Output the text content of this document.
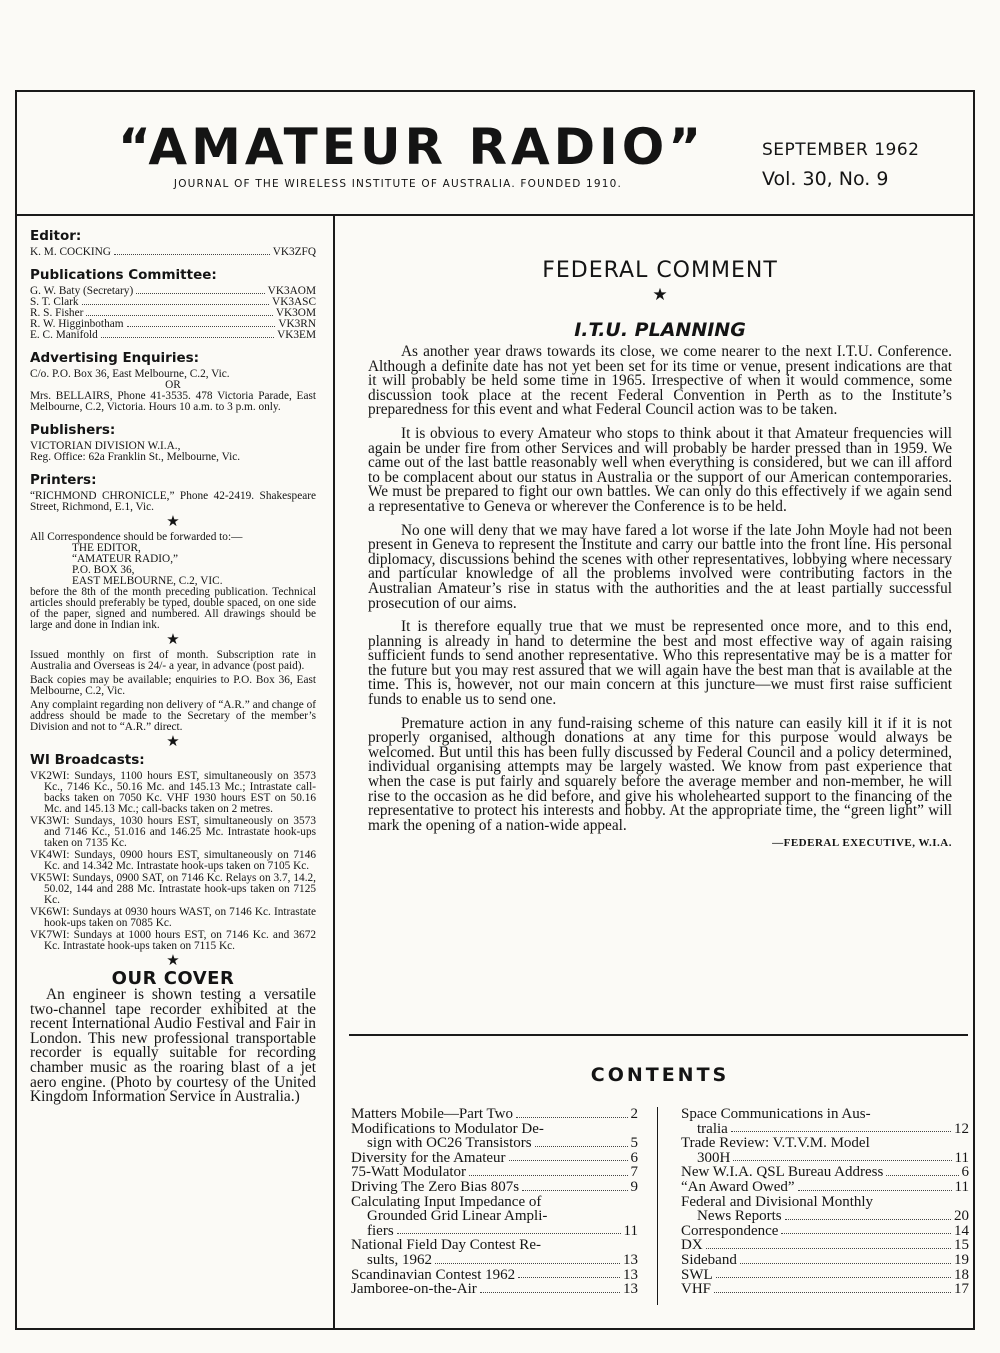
“AMATEUR RADIO”
JOURNAL OF THE WIRELESS INSTITUTE OF AUSTRALIA. FOUNDED 1910.
SEPTEMBER 1962
Vol. 30, No. 9
Editor:
K. M. COCKING	VK3ZFQ
Publications Committee:
G. W. Baty (Secretary)	VK3AOM
S. T. Clark	VK3ASC
R. S. Fisher	VK3OM
R. W. Higginbotham	VK3RN
E. C. Manifold	VK3EM
Advertising Enquiries:

C/o. P.O. Box 36, East Melbourne, C.2, Vic.

OR

Mrs. BELLAIRS, Phone 41-3535. 478 Victoria Parade, East Melbourne, C.2, Victoria. Hours 10 a.m. to 3 p.m. only.

Publishers:

VICTORIAN DIVISION W.I.A.,

Reg. Office: 62a Franklin St., Melbourne, Vic.

Printers:

“RICHMOND CHRONICLE,” Phone 42-2419. Shakespeare Street, Richmond, E.1, Vic.

★

All Correspondence should be forwarded to:—

THE EDITOR,

“AMATEUR RADIO,”

P.O. BOX 36,

EAST MELBOURNE, C.2, VIC.

before the 8th of the month preceding publication. Technical articles should preferably be typed, double spaced, on one side of the paper, signed and numbered. All drawings should be large and done in Indian ink.

★

Issued monthly on first of month. Subscription rate in Australia and Overseas is 24/- a year, in advance (post paid).

Back copies may be available; enquiries to P.O. Box 36, East Melbourne, C.2, Vic.

Any complaint regarding non delivery of “A.R.” and change of address should be made to the Secretary of the member’s Division and not to “A.R.” direct.

★
WI Broadcasts:

VK2WI: Sundays, 1100 hours EST, simultaneously on 3573 Kc., 7146 Kc., 50.16 Mc. and 145.13 Mc.; Intrastate call-backs taken on 7050 Kc. VHF 1930 hours EST on 50.16 Mc. and 145.13 Mc.; call-backs taken on 2 metres.

VK3WI: Sundays, 1030 hours EST, simultaneously on 3573 and 7146 Kc., 51.016 and 146.25 Mc. Intrastate hook-ups taken on 7135 Kc.

VK4WI: Sundays, 0900 hours EST, simultaneously on 7146 Kc. and 14.342 Mc. Intrastate hook-ups taken on 7105 Kc.

VK5WI: Sundays, 0900 SAT, on 7146 Kc. Relays on 3.7, 14.2, 50.02, 144 and 288 Mc. Intrastate hook-ups taken on 7125 Kc.

VK6WI: Sundays at 0930 hours WAST, on 7146 Kc. Intrastate hook-ups taken on 7085 Kc.

VK7WI: Sundays at 1000 hours EST, on 7146 Kc. and 3672 Kc. Intrastate hook-ups taken on 7115 Kc.

★
OUR COVER

An engineer is shown testing a versatile two-channel tape recorder exhibited at the recent International Audio Festival and Fair in London. This new professional transportable recorder is equally suitable for recording chamber music as the roaring blast of a jet aero engine. (Photo by courtesy of the United Kingdom Information Service in Australia.)

FEDERAL COMMENT
★
I.T.U. PLANNING

As another year draws towards its close, we come nearer to the next I.T.U. Conference. Although a definite date has not yet been set for its time or venue, present indications are that it will probably be held some time in 1965. Irrespective of when it would commence, some discussion took place at the recent Federal Convention in Perth as to the Institute’s preparedness for this event and what Federal Council action was to be taken.

It is obvious to every Amateur who stops to think about it that Amateur frequencies will again be under fire from other Services and will probably be harder pressed than in 1959. We came out of the last battle reasonably well when everything is considered, but we can ill afford to be complacent about our status in Australia or the support of our American contemporaries. We must be prepared to fight our own battles. We can only do this effectively if we again send a representative to Geneva or wherever the Conference is to be held.

No one will deny that we may have fared a lot worse if the late John Moyle had not been present in Geneva to represent the Institute and carry our battle into the front line. His personal diplomacy, discussions behind the scenes with other representatives, lobbying where necessary and particular knowledge of all the problems involved were contributing factors in the Australian Amateur’s rise in status with the authorities and the at least partially successful prosecution of our aims.

It is therefore equally true that we must be represented once more, and to this end, planning is already in hand to determine the best and most effective way of again raising sufficient funds to send another representative. Who this representative may be is a matter for the future but you may rest assured that we will again have the best man that is available at the time. This is, however, not our main concern at this juncture—we must first raise sufficient funds to enable us to send one.

Premature action in any fund-raising scheme of this nature can easily kill it if it is not properly organised, although donations at any time for this purpose would always be welcomed. But until this has been fully discussed by Federal Council and a policy determined, individual organising attempts may be largely wasted. We know from past experience that when the case is put fairly and squarely before the average member and non-member, he will rise to the occasion as he did before, and give his wholehearted support to the financing of the representative to protect his interests and hobby. At the appropriate time, the “green light” will mark the opening of a nation-wide appeal.

—FEDERAL EXECUTIVE, W.I.A.
CONTENTS
Matters Mobile—Part Two	2
Modifications to Modulator De-
sign with OC26 Transistors	5
Diversity for the Amateur	6
75-Watt Modulator	7
Driving The Zero Bias 807s	9
Calculating Input Impedance of
Grounded Grid Linear Ampli-
fiers	11
National Field Day Contest Re-
sults, 1962	13
Scandinavian Contest 1962	13
Jamboree-on-the-Air	13
Space Communications in Aus-
tralia	12
Trade Review: V.T.V.M. Model
300H	11
New W.I.A. QSL Bureau Address	6
“An Award Owed”	11
Federal and Divisional Monthly
News Reports	20
Correspondence	14
DX	15
Sideband	19
SWL	18
VHF	17
